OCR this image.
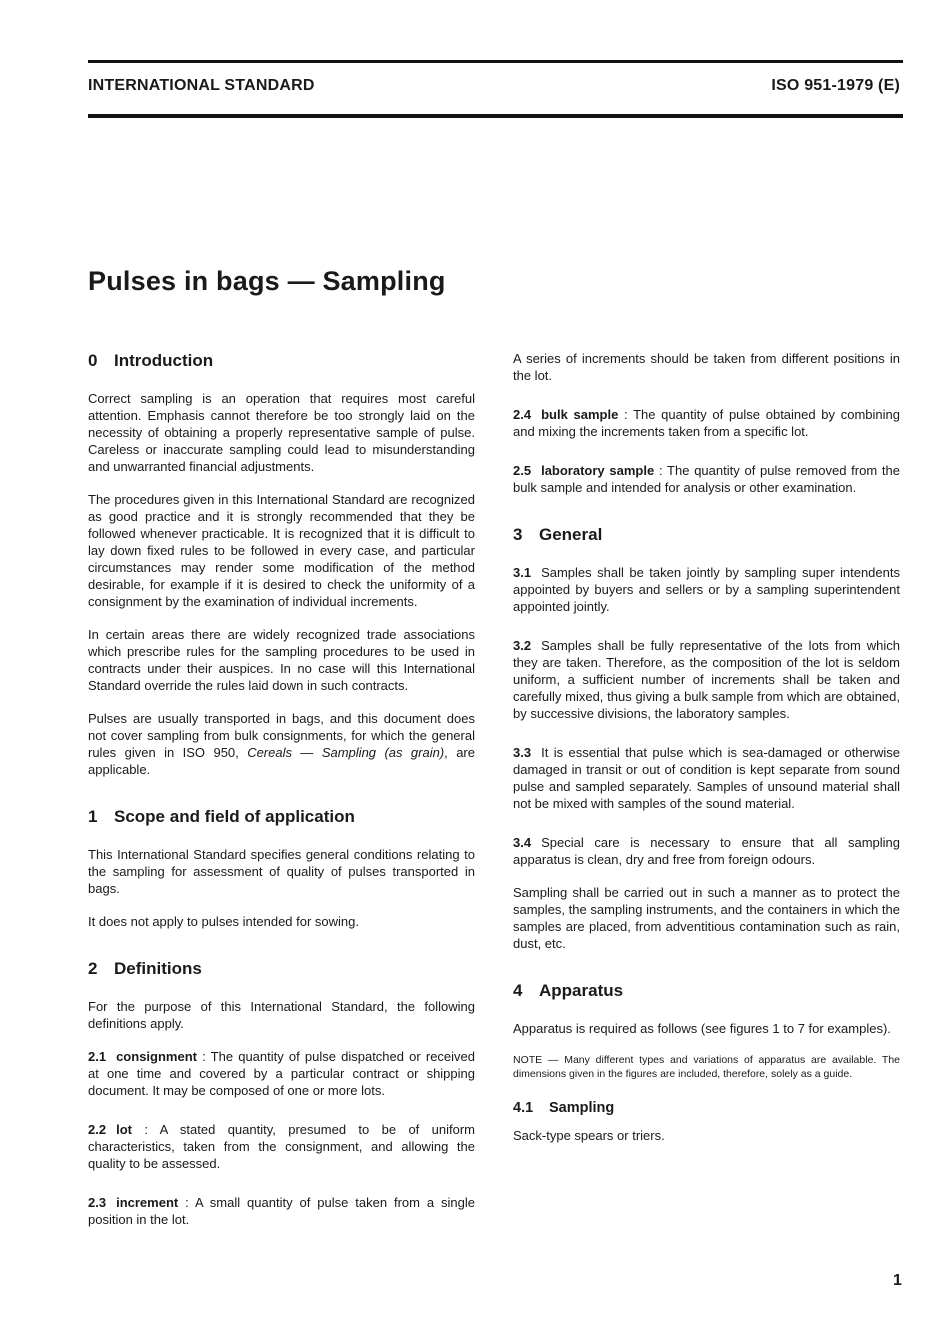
INTERNATIONAL STANDARD	ISO 951-1979 (E)
Pulses in bags — Sampling
0 Introduction

Correct sampling is an operation that requires most careful attention. Emphasis cannot therefore be too strongly laid on the necessity of obtaining a properly representative sample of pulse. Careless or inaccurate sampling could lead to misunderstanding and unwarranted financial adjustments.

The procedures given in this International Standard are recognized as good practice and it is strongly recommended that they be followed whenever practicable. It is recognized that it is difficult to lay down fixed rules to be followed in every case, and particular circumstances may render some modification of the method desirable, for example if it is desired to check the uniformity of a consignment by the examination of individual increments.

In certain areas there are widely recognized trade associations which prescribe rules for the sampling procedures to be used in contracts under their auspices. In no case will this International Standard override the rules laid down in such contracts.

Pulses are usually transported in bags, and this document does not cover sampling from bulk consignments, for which the general rules given in ISO 950, Cereals — Sampling (as grain), are applicable.

1 Scope and field of application

This International Standard specifies general conditions relating to the sampling for assessment of quality of pulses transported in bags.

It does not apply to pulses intended for sowing.

2 Definitions

For the purpose of this International Standard, the following definitions apply.

2.1 consignment : The quantity of pulse dispatched or received at one time and covered by a particular contract or shipping document. It may be composed of one or more lots.

2.2 lot : A stated quantity, presumed to be of uniform characteristics, taken from the consignment, and allowing the quality to be assessed.

2.3 increment : A small quantity of pulse taken from a single position in the lot.

A series of increments should be taken from different positions in the lot.

2.4 bulk sample : The quantity of pulse obtained by combining and mixing the increments taken from a specific lot.

2.5 laboratory sample : The quantity of pulse removed from the bulk sample and intended for analysis or other examination.

3 General

3.1 Samples shall be taken jointly by sampling super intendents appointed by buyers and sellers or by a sampling superintendent appointed jointly.

3.2 Samples shall be fully representative of the lots from which they are taken. Therefore, as the composition of the lot is seldom uniform, a sufficient number of increments shall be taken and carefully mixed, thus giving a bulk sample from which are obtained, by successive divisions, the laboratory samples.

3.3 It is essential that pulse which is sea-damaged or otherwise damaged in transit or out of condition is kept separate from sound pulse and sampled separately. Samples of unsound material shall not be mixed with samples of the sound material.

3.4 Special care is necessary to ensure that all sampling apparatus is clean, dry and free from foreign odours.

Sampling shall be carried out in such a manner as to protect the samples, the sampling instruments, and the containers in which the samples are placed, from adventitious contamination such as rain, dust, etc.

4 Apparatus

Apparatus is required as follows (see figures 1 to 7 for examples).

NOTE — Many different types and variations of apparatus are available. The dimensions given in the figures are included, therefore, solely as a guide.

4.1 Sampling

Sack-type spears or triers.

1
